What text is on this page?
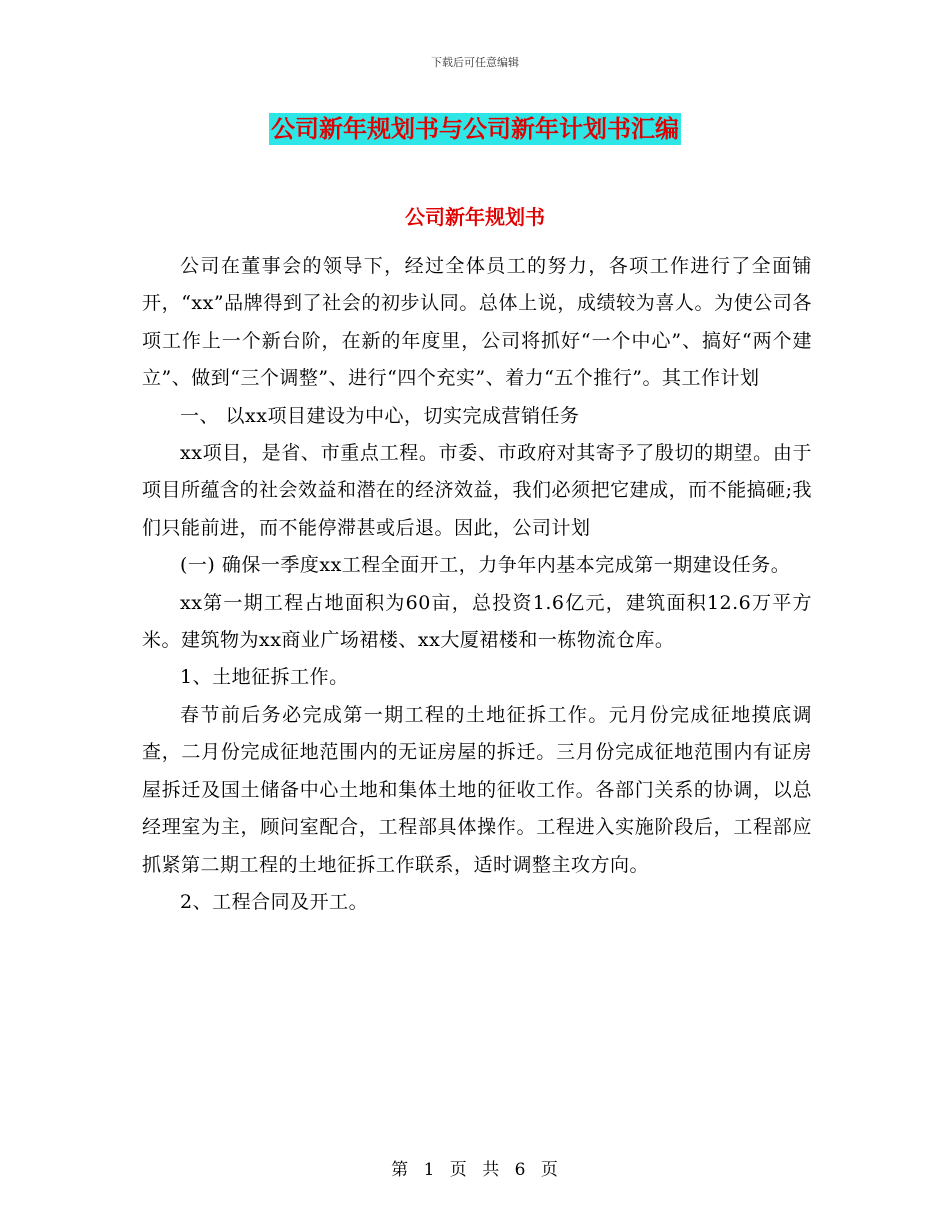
下载后可任意编辑
公司新年规划书与公司新年计划书汇编
公司新年规划书

公司在董事会的领导下，经过全体员工的努力，各项工作进行了全面铺开，“xx”品牌得到了社会的初步认同。总体上说，成绩较为喜人。为使公司各项工作上一个新台阶，在新的年度里，公司将抓好“一个中心”、搞好“两个建立”、做到“三个调整”、进行“四个充实”、着力“五个推行”。其工作计划

一、 以xx项目建设为中心，切实完成营销任务

xx项目，是省、市重点工程。市委、市政府对其寄予了殷切的期望。由于项目所蕴含的社会效益和潜在的经济效益，我们必须把它建成，而不能搞砸;我们只能前进，而不能停滞甚或后退。因此，公司计划

(一) 确保一季度xx工程全面开工，力争年内基本完成第一期建设任务。

xx第一期工程占地面积为60亩，总投资1.6亿元，建筑面积12.6万平方米。建筑物为xx商业广场裙楼、xx大厦裙楼和一栋物流仓库。

1、土地征拆工作。

春节前后务必完成第一期工程的土地征拆工作。元月份完成征地摸底调查，二月份完成征地范围内的无证房屋的拆迁。三月份完成征地范围内有证房屋拆迁及国土储备中心土地和集体土地的征收工作。各部门关系的协调，以总经理室为主，顾问室配合，工程部具体操作。工程进入实施阶段后，工程部应抓紧第二期工程的土地征拆工作联系，适时调整主攻方向。

2、工程合同及开工。

第 1 页 共 6 页
